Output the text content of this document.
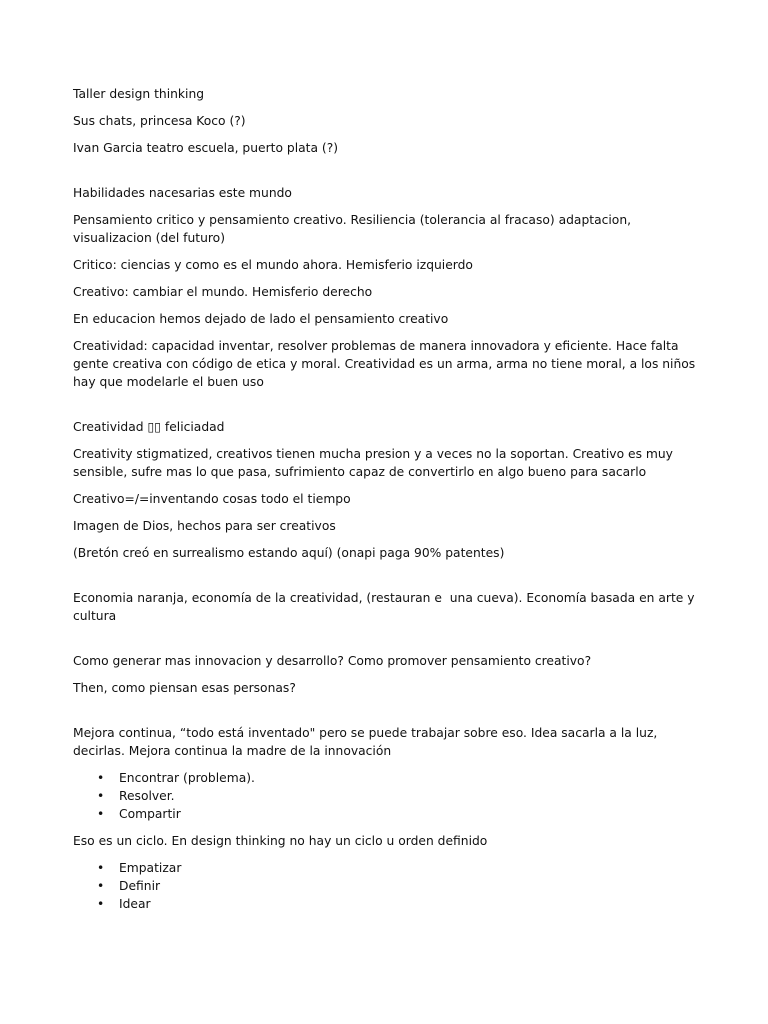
Taller design thinking

Sus chats, princesa Koco (?)

Ivan Garcia teatro escuela, puerto plata (?)

Habilidades nacesarias este mundo

Pensamiento critico y pensamiento creativo. Resiliencia (tolerancia al fracaso) adaptacion, visualizacion (del futuro)

Critico: ciencias y como es el mundo ahora. Hemisferio izquierdo

Creativo: cambiar el mundo. Hemisferio derecho

En educacion hemos dejado de lado el pensamiento creativo

Creatividad: capacidad inventar, resolver problemas de manera innovadora y eficiente. Hace falta gente creativa con código de etica y moral. Creatividad es un arma, arma no tiene moral, a los niños hay que modelarle el buen uso

Creatividad ▯▯ feliciadad

Creativity stigmatized, creativos tienen mucha presion y a veces no la soportan. Creativo es muy sensible, sufre mas lo que pasa, sufrimiento capaz de convertirlo en algo bueno para sacarlo

Creativo=/=inventando cosas todo el tiempo

Imagen de Dios, hechos para ser creativos

(Bretón creó en surrealismo estando aquí) (onapi paga 90% patentes)

Economia naranja, economía de la creatividad, (restauran e  una cueva). Economía basada en arte y cultura

Como generar mas innovacion y desarrollo? Como promover pensamiento creativo?

Then, como piensan esas personas?

Mejora continua, “todo está inventado" pero se puede trabajar sobre eso. Idea sacarla a la luz, decirlas. Mejora continua la madre de la innovación

• Encontrar (problema).
• Resolver.
• Compartir

Eso es un ciclo. En design thinking no hay un ciclo u orden definido

• Empatizar
• Definir
• Idear
